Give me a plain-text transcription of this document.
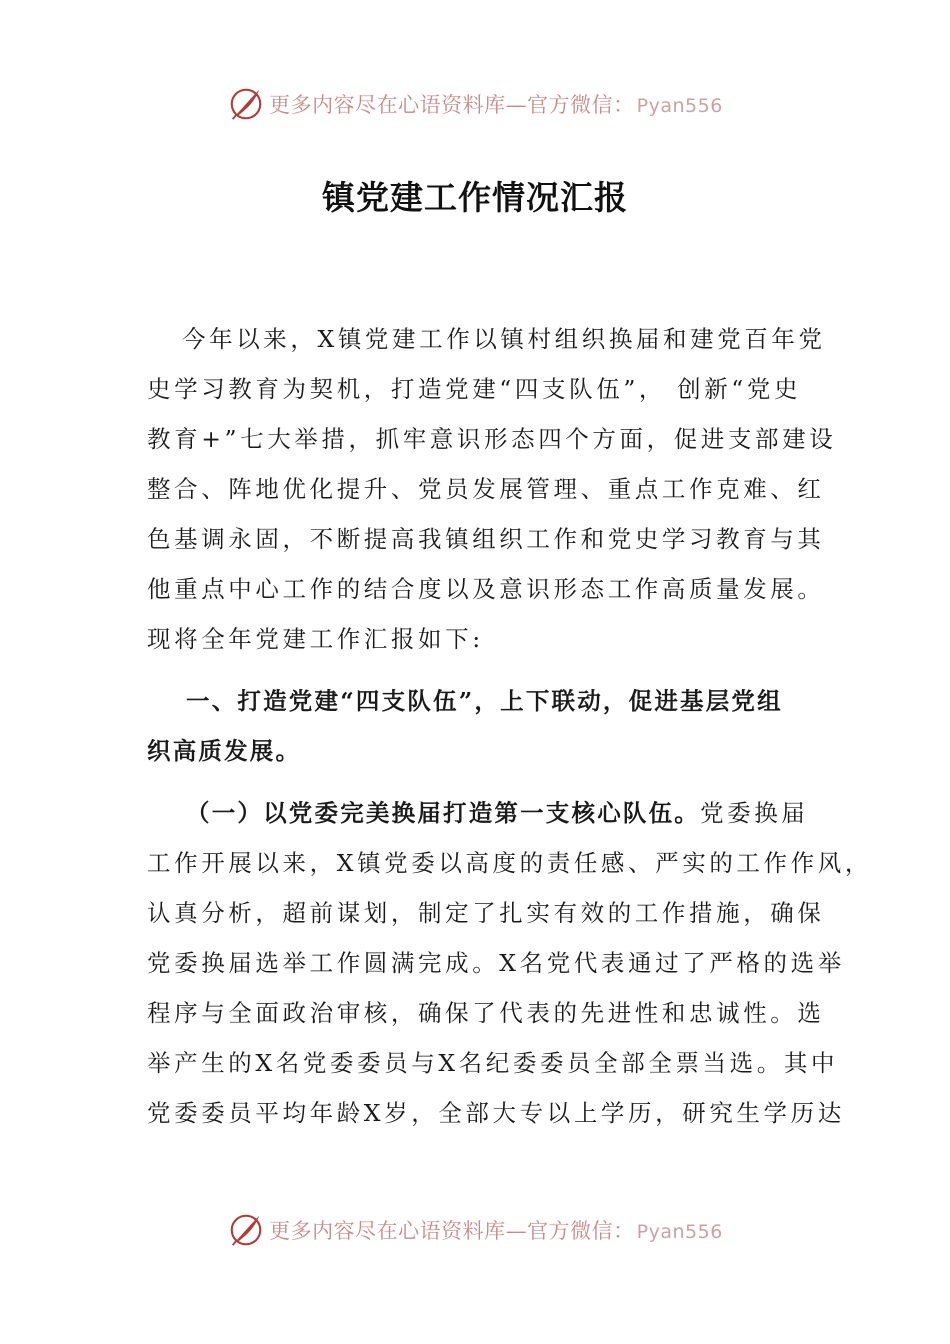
更多内容尽在心语资料库—官方微信： Pyan556
镇党建工作情况汇报
今年以来，X镇党建工作以镇村组织换届和建党百年党
史学习教育为契机，打造党建“四支队伍”， 创新“党史
教育+”七大举措，抓牢意识形态四个方面，促进支部建设
整合、阵地优化提升、党员发展管理、重点工作克难、红
色基调永固，不断提高我镇组织工作和党史学习教育与其
他重点中心工作的结合度以及意识形态工作高质量发展。
现将全年党建工作汇报如下:
一、打造党建“四支队伍”，上下联动，促进基层党组
织高质发展。
（一）以党委完美换届打造第一支核心队伍。党委换届
工作开展以来，X镇党委以高度的责任感、严实的工作作风，
认真分析，超前谋划，制定了扎实有效的工作措施，确保
党委换届选举工作圆满完成。X名党代表通过了严格的选举
程序与全面政治审核，确保了代表的先进性和忠诚性。选
举产生的X名党委委员与X名纪委委员全部全票当选。其中
党委委员平均年龄X岁，全部大专以上学历，研究生学历达
更多内容尽在心语资料库—官方微信： Pyan556
